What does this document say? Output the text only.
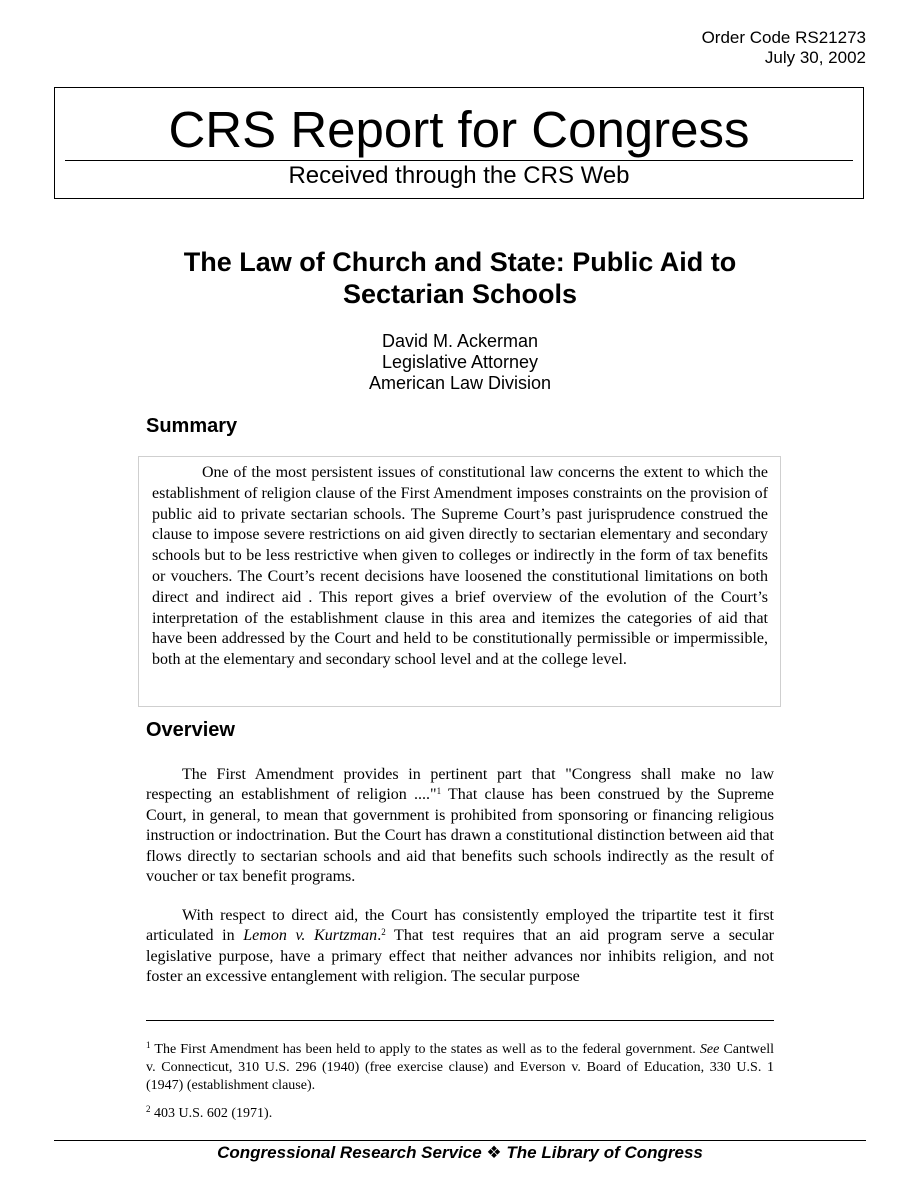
Order Code RS21273
July 30, 2002
CRS Report for Congress
Received through the CRS Web
The Law of Church and State: Public Aid to
Sectarian Schools
David M. Ackerman
Legislative Attorney
American Law Division
Summary

One of the most persistent issues of constitutional law concerns the extent to which the establishment of religion clause of the First Amendment imposes constraints on the provision of public aid to private sectarian schools. The Supreme Court’s past jurisprudence construed the clause to impose severe restrictions on aid given directly to sectarian elementary and secondary schools but to be less restrictive when given to colleges or indirectly in the form of tax benefits or vouchers. The Court’s recent decisions have loosened the constitutional limitations on both direct and indirect aid . This report gives a brief overview of the evolution of the Court’s interpretation of the establishment clause in this area and itemizes the categories of aid that have been addressed by the Court and held to be constitutionally permissible or impermissible, both at the elementary and secondary school level and at the college level.

Overview

The First Amendment provides in pertinent part that "Congress shall make no law respecting an establishment of religion ...."$^1$ That clause has been construed by the Supreme Court, in general, to mean that government is prohibited from sponsoring or financing religious instruction or indoctrination. But the Court has drawn a constitutional distinction between aid that flows directly to sectarian schools and aid that benefits such schools indirectly as the result of voucher or tax benefit programs.

With respect to direct aid, the Court has consistently employed the tripartite test it first articulated in Lemon v. Kurtzman.$^2$ That test requires that an aid program serve a secular legislative purpose, have a primary effect that neither advances nor inhibits religion, and not foster an excessive entanglement with religion. The secular purpose

$^1$ The First Amendment has been held to apply to the states as well as to the federal government. See Cantwell v. Connecticut, 310 U.S. 296 (1940) (free exercise clause) and Everson v. Board of Education, 330 U.S. 1 (1947) (establishment clause).

$^2$ 403 U.S. 602 (1971).

Congressional Research Service ❖ The Library of Congress
